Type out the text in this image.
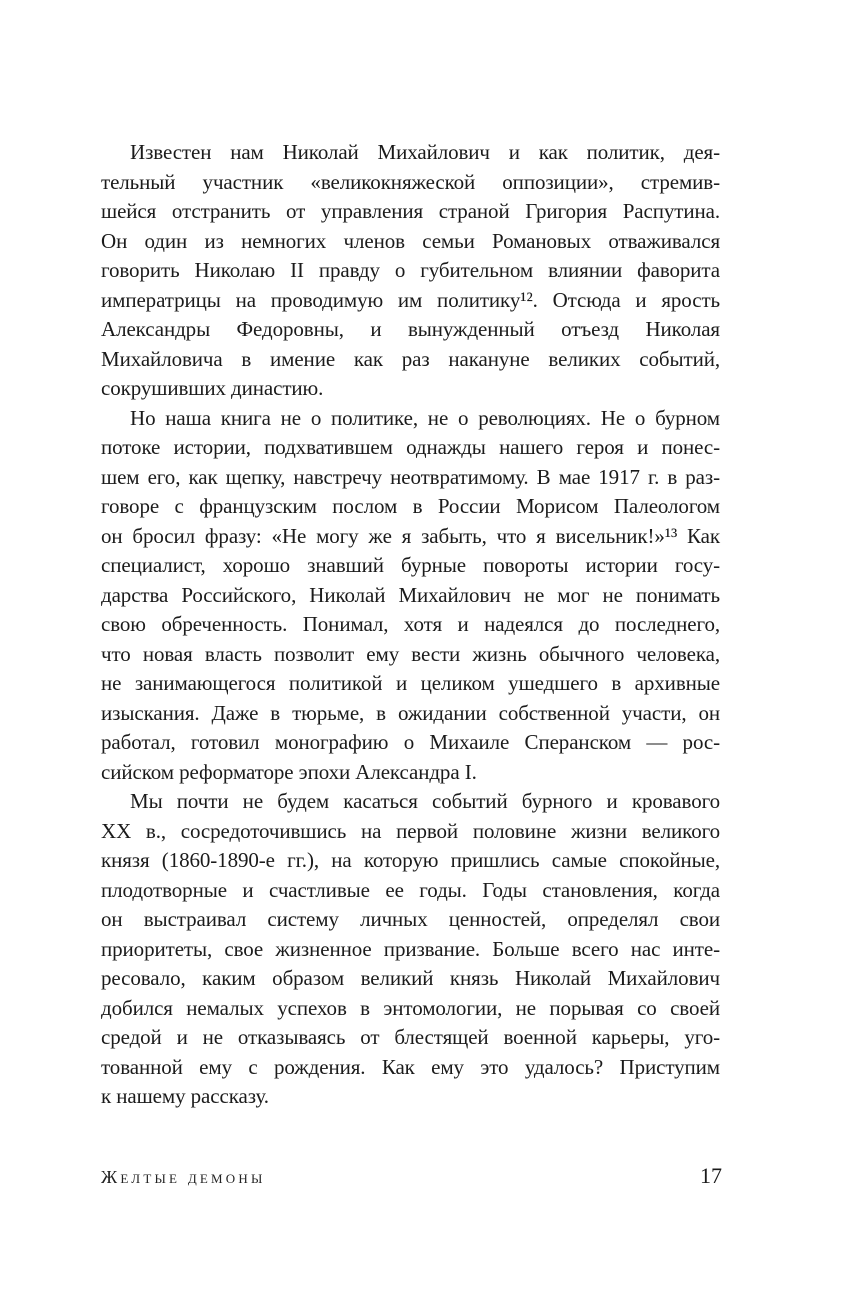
Известен нам Николай Михайлович и как политик, дея-
тельный участник «великокняжеской оппозиции», стремив-
шейся отстранить от управления страной Григория Распутина.
Он один из немногих членов семьи Романовых отваживался
говорить Николаю II правду о губительном влиянии фаворита
императрицы на проводимую им политику¹². Отсюда и ярость
Александры Федоровны, и вынужденный отъезд Николая
Михайловича в имение как раз накануне великих событий,
сокрушивших династию.
Но наша книга не о политике, не о революциях. Не о бурном
потоке истории, подхватившем однажды нашего героя и понес-
шем его, как щепку, навстречу неотвратимому. В мае 1917 г. в раз-
говоре с французским послом в России Морисом Палеологом
он бросил фразу: «Не могу же я забыть, что я висельник!»¹³ Как
специалист, хорошо знавший бурные повороты истории госу-
дарства Российского, Николай Михайлович не мог не понимать
свою обреченность. Понимал, хотя и надеялся до последнего,
что новая власть позволит ему вести жизнь обычного человека,
не занимающегося политикой и целиком ушедшего в архивные
изыскания. Даже в тюрьме, в ожидании собственной участи, он
работал, готовил монографию о Михаиле Сперанском — рос-
сийском реформаторе эпохи Александра I.
Мы почти не будем касаться событий бурного и кровавого
XX в., сосредоточившись на первой половине жизни великого
князя (1860-1890-е гг.), на которую пришлись самые спокойные,
плодотворные и счастливые ее годы. Годы становления, когда
он выстраивал систему личных ценностей, определял свои
приоритеты, свое жизненное призвание. Больше всего нас инте-
ресовало, каким образом великий князь Николай Михайлович
добился немалых успехов в энтомологии, не порывая со своей
средой и не отказываясь от блестящей военной карьеры, уго-
тованной ему с рождения. Как ему это удалось? Приступим
к нашему рассказу.
Желтые демоны	17
